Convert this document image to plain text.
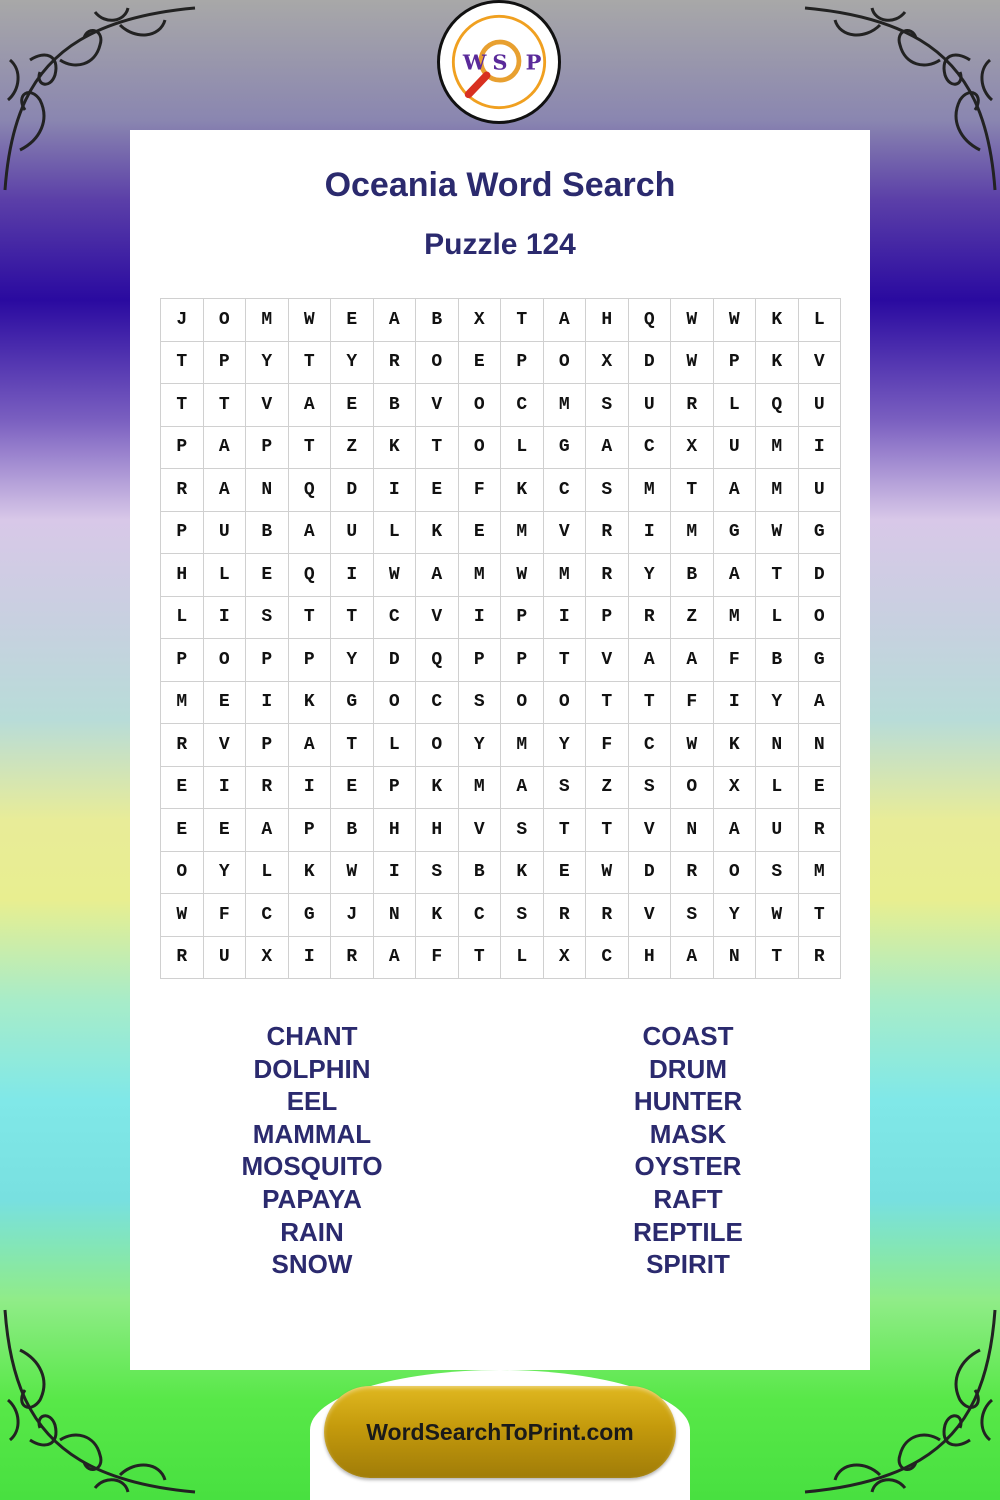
W S P
Oceania Word Search
Puzzle 124
J	O	M	W	E	A	B	X	T	A	H	Q	W	W	K	L
T	P	Y	T	Y	R	O	E	P	O	X	D	W	P	K	V
T	T	V	A	E	B	V	O	C	M	S	U	R	L	Q	U
P	A	P	T	Z	K	T	O	L	G	A	C	X	U	M	I
R	A	N	Q	D	I	E	F	K	C	S	M	T	A	M	U
P	U	B	A	U	L	K	E	M	V	R	I	M	G	W	G
H	L	E	Q	I	W	A	M	W	M	R	Y	B	A	T	D
L	I	S	T	T	C	V	I	P	I	P	R	Z	M	L	O
P	O	P	P	Y	D	Q	P	P	T	V	A	A	F	B	G
M	E	I	K	G	O	C	S	O	O	T	T	F	I	Y	A
R	V	P	A	T	L	O	Y	M	Y	F	C	W	K	N	N
E	I	R	I	E	P	K	M	A	S	Z	S	O	X	L	E
E	E	A	P	B	H	H	V	S	T	T	V	N	A	U	R
O	Y	L	K	W	I	S	B	K	E	W	D	R	O	S	M
W	F	C	G	J	N	K	C	S	R	R	V	S	Y	W	T
R	U	X	I	R	A	F	T	L	X	C	H	A	N	T	R
CHANT
DOLPHIN
EEL
MAMMAL
MOSQUITO
PAPAYA
RAIN
SNOW
COAST
DRUM
HUNTER
MASK
OYSTER
RAFT
REPTILE
SPIRIT
WordSearchToPrint.com
